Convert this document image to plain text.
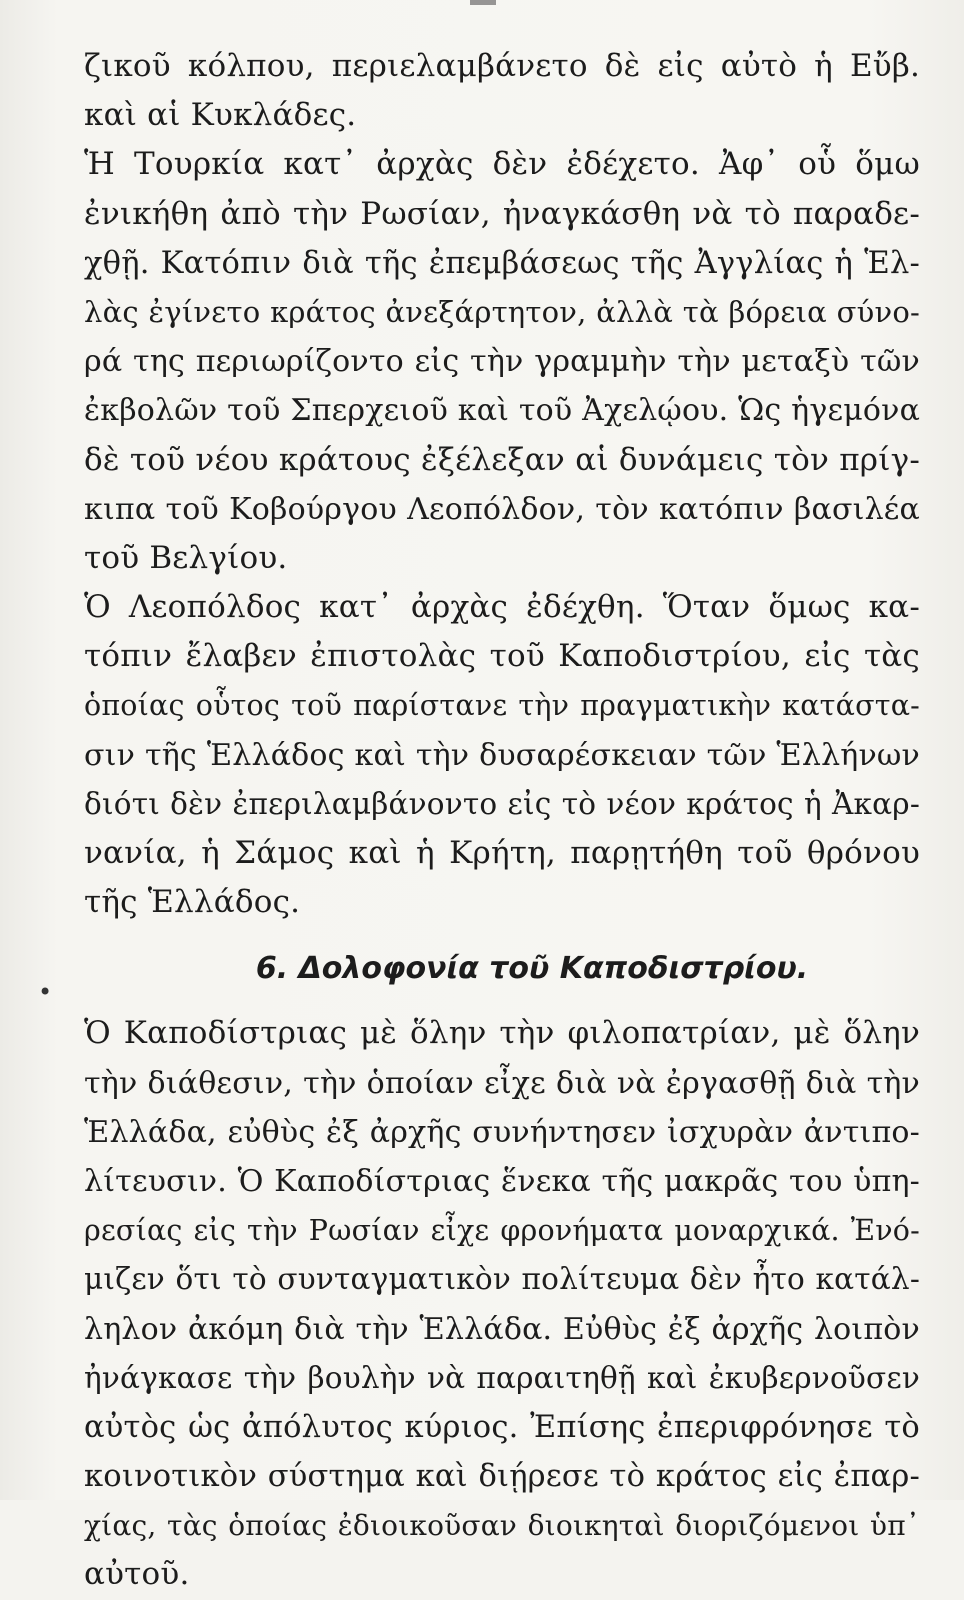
•
ζικοῦ κόλπου, περιελαμβάνετο δὲ εἰς αὐτὸ ἡ Εὔβ.
καὶ αἱ Κυκλάδες.
Ἡ Τουρκία κατ᾽ ἀρχὰς δὲν ἐδέχετο. Ἀφ᾽ οὗ ὅμω
ἐνικήθη ἀπὸ τὴν Ρωσίαν, ἠναγκάσθη νὰ τὸ παραδε-
χθῇ. Κατόπιν διὰ τῆς ἐπεμβάσεως τῆς Ἀγγλίας ἡ Ἑλ-
λὰς ἐγίνετο κράτος ἀνεξάρτητον, ἀλλὰ τὰ βόρεια σύνο-
ρά της περιωρίζοντο εἰς τὴν γραμμὴν τὴν μεταξὺ τῶν
ἐκβολῶν τοῦ Σπερχειοῦ καὶ τοῦ Ἀχελῴου. Ὡς ἡγεμόνα
δὲ τοῦ νέου κράτους ἐξέλεξαν αἱ δυνάμεις τὸν πρίγ-
κιπα τοῦ Κοβούργου Λεοπόλδον, τὸν κατόπιν βασιλέα
τοῦ Βελγίου.
Ὁ Λεοπόλδος κατ᾽ ἀρχὰς ἐδέχθη. Ὅταν ὅμως κα-
τόπιν ἔλαβεν ἐπιστολὰς τοῦ Καποδιστρίου, εἰς τὰς
ὁποίας οὗτος τοῦ παρίστανε τὴν πραγματικὴν κατάστα-
σιν τῆς Ἑλλάδος καὶ τὴν δυσαρέσκειαν τῶν Ἑλλήνων
διότι δὲν ἐπεριλαμβάνοντο εἰς τὸ νέον κράτος ἡ Ἀκαρ-
νανία, ἡ Σάμος καὶ ἡ Κρήτη, παρῃτήθη τοῦ θρόνου
τῆς Ἑλλάδος.
6. Δολοφονία τοῦ Καποδιστρίου.
Ὁ Καποδίστριας μὲ ὅλην τὴν φιλοπατρίαν, μὲ ὅλην
τὴν διάθεσιν, τὴν ὁποίαν εἶχε διὰ νὰ ἐργασθῇ διὰ τὴν
Ἑλλάδα, εὐθὺς ἐξ ἀρχῆς συνήντησεν ἰσχυρὰν ἀντιπο-
λίτευσιν. Ὁ Καποδίστριας ἕνεκα τῆς μακρᾶς του ὑπη-
ρεσίας εἰς τὴν Ρωσίαν εἶχε φρονήματα μοναρχικά. Ἐνό-
μιζεν ὅτι τὸ συνταγματικὸν πολίτευμα δὲν ἦτο κατάλ-
ληλον ἀκόμη διὰ τὴν Ἑλλάδα. Εὐθὺς ἐξ ἀρχῆς λοιπὸν
ἠνάγκασε τὴν βουλὴν νὰ παραιτηθῇ καὶ ἐκυβερνοῦσεν
αὐτὸς ὡς ἀπόλυτος κύριος. Ἐπίσης ἐπεριφρόνησε τὸ
κοινοτικὸν σύστημα καὶ διῄρεσε τὸ κράτος εἰς ἐπαρ-
χίας, τὰς ὁποίας ἐδιοικοῦσαν διοικηταὶ διοριζόμενοι ὑπ᾽
αὐτοῦ.
